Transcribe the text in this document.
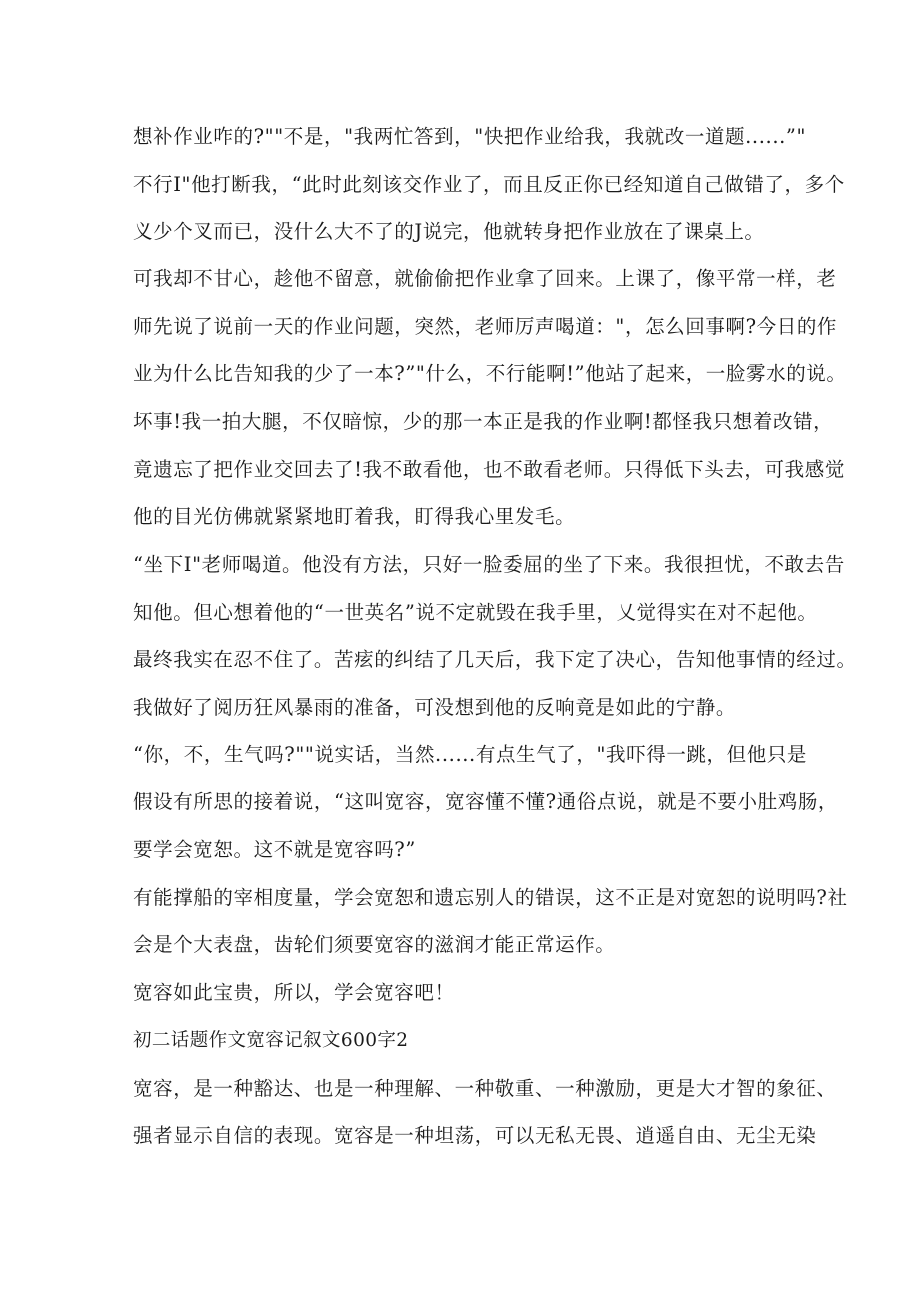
想补作业咋的?""不是，"我两忙答到，"快把作业给我，我就改一道题......”"
不行I"他打断我，“此时此刻该交作业了，而且反正你已经知道自己做错了，多个
义少个叉而已，没什么大不了的J说完，他就转身把作业放在了课桌上。
可我却不甘心，趁他不留意，就偷偷把作业拿了回来。上课了，像平常一样，老
师先说了说前一天的作业问题，突然，老师厉声喝道："，怎么回事啊?今日的作
业为什么比告知我的少了一本?”"什么，不行能啊!”他站了起来，一脸雾水的说。
坏事!我一拍大腿，不仅暗惊，少的那一本正是我的作业啊!都怪我只想着改错，
竟遗忘了把作业交回去了!我不敢看他，也不敢看老师。只得低下头去，可我感觉
他的目光仿佛就紧紧地盯着我，盯得我心里发毛。
“坐下I"老师喝道。他没有方法，只好一脸委屈的坐了下来。我很担忧，不敢去告
知他。但心想着他的“一世英名”说不定就毁在我手里，乂觉得实在对不起他。
最终我实在忍不住了。苦痃的纠结了几天后，我下定了决心，告知他事情的经过。
我做好了阅历狂风暴雨的准备，可没想到他的反响竟是如此的宁静。
“你，不，生气吗?""说实话，当然......有点生气了，"我吓得一跳，但他只是
假设有所思的接着说，“这叫宽容，宽容懂不懂?通俗点说，就是不要小肚鸡肠，
要学会宽恕。这不就是宽容吗?”
有能撑船的宰相度量，学会宽恕和遗忘别人的错误，这不正是对宽恕的说明吗?社
会是个大表盘，齿轮们须要宽容的滋润才能正常运作。
宽容如此宝贵，所以，学会宽容吧！
初二话题作文宽容记叙文600字2
宽容，是一种豁达、也是一种理解、一种敬重、一种激励，更是大才智的象征、
强者显示自信的表现。宽容是一种坦荡，可以无私无畏、逍遥自由、无尘无染
